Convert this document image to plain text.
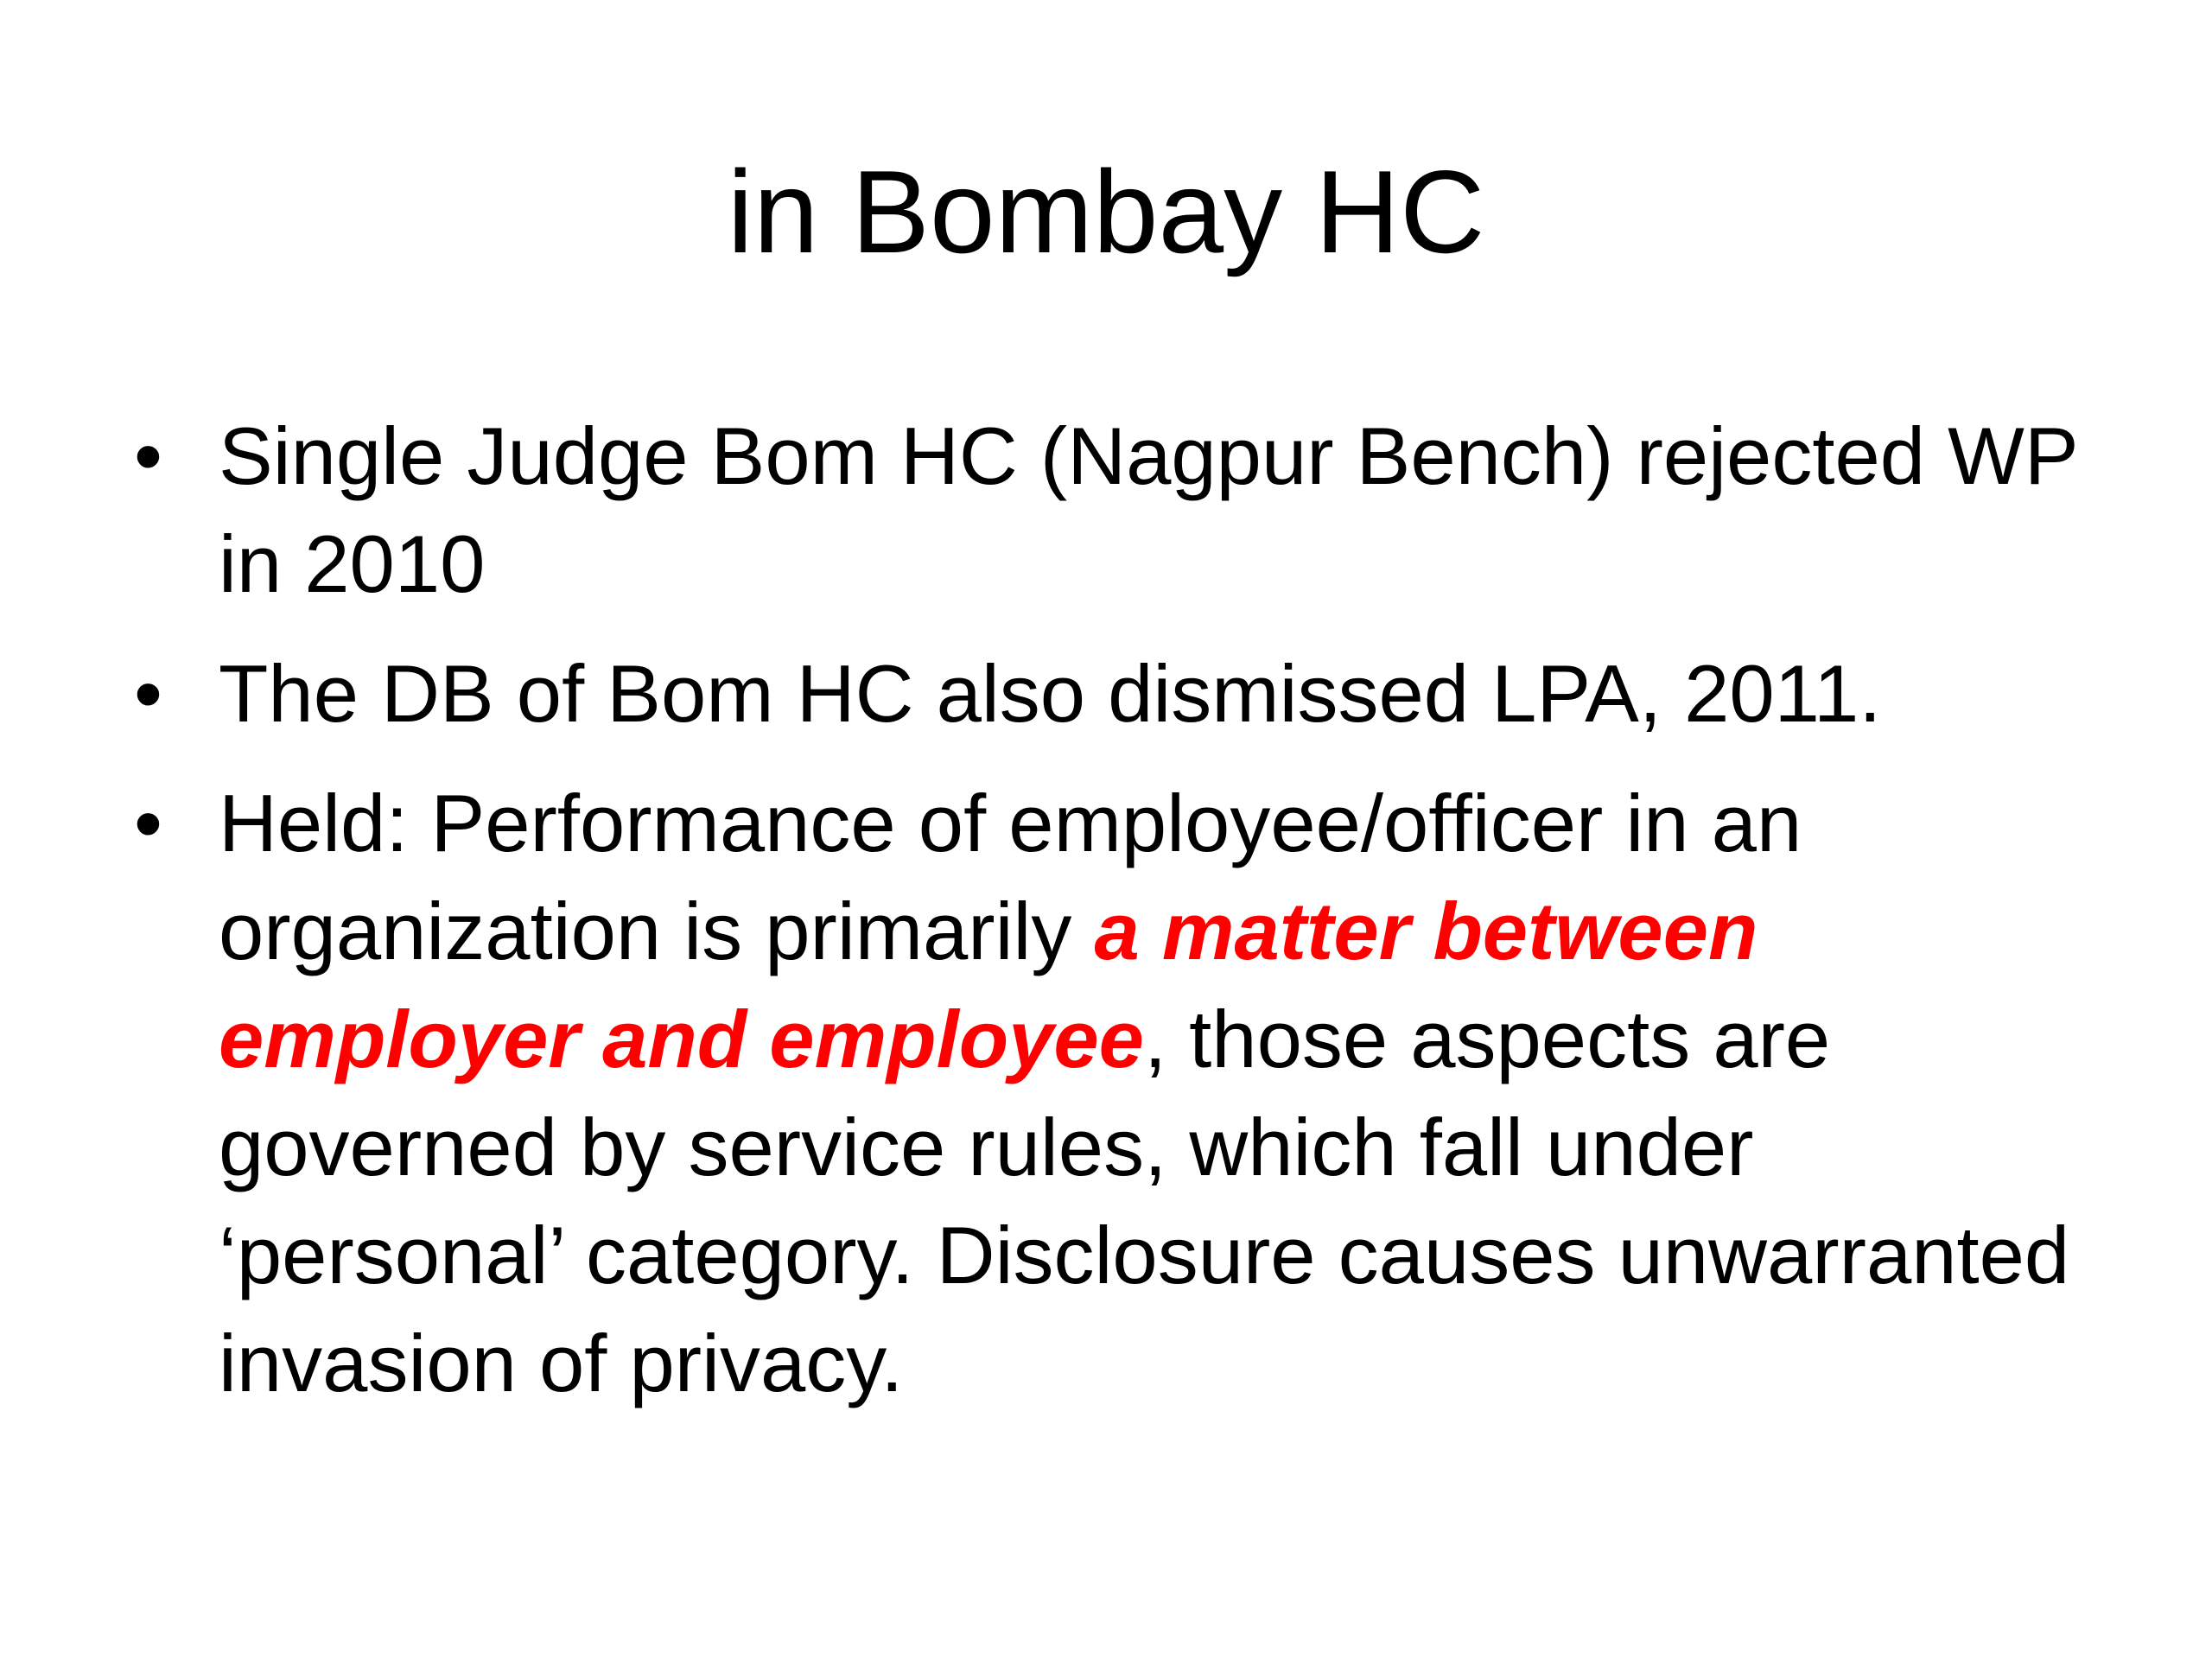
in Bombay HC
• Single Judge Bom HC (Nagpur Bench) rejected WP in 2010
• The DB of Bom HC also dismissed LPA, 2011.
• Held: Performance of employee/officer in an organization is primarily a matter between employer and employee, those aspects are governed by service rules, which fall under ‘personal’ category. Disclosure causes unwarranted invasion of privacy.
